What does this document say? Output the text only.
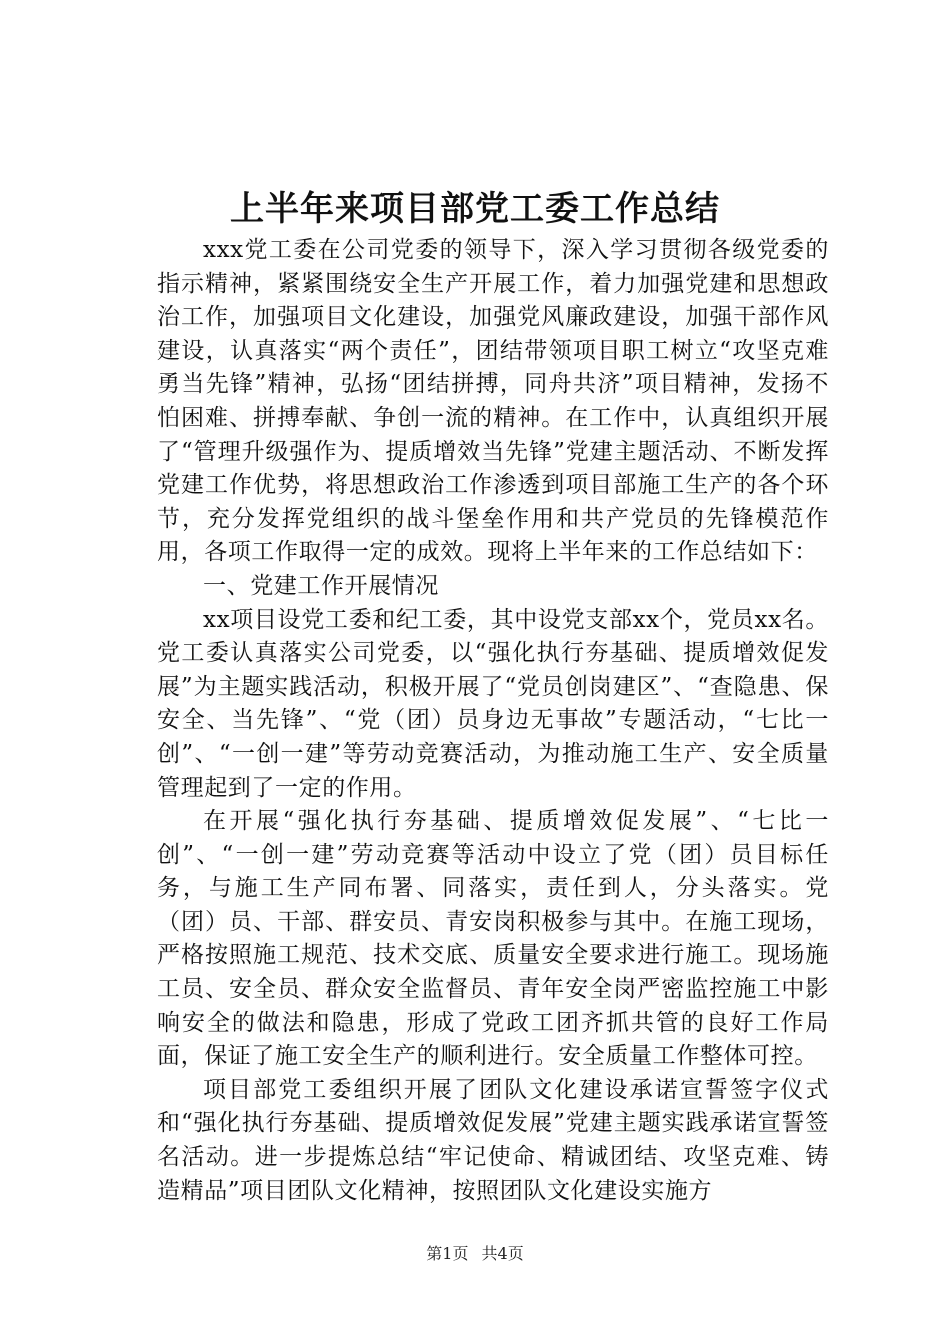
上半年来项目部党工委工作总结

xxx党工委在公司党委的领导下，深入学习贯彻各级党委的指示精神，紧紧围绕安全生产开展工作，着力加强党建和思想政治工作，加强项目文化建设，加强党风廉政建设，加强干部作风建设，认真落实“两个责任”，团结带领项目职工树立“攻坚克难勇当先锋”精神，弘扬“团结拼搏，同舟共济”项目精神，发扬不怕困难、拼搏奉献、争创一流的精神。在工作中，认真组织开展了“管理升级强作为、提质增效当先锋”党建主题活动、不断发挥党建工作优势，将思想政治工作渗透到项目部施工生产的各个环节，充分发挥党组织的战斗堡垒作用和共产党员的先锋模范作用，各项工作取得一定的成效。现将上半年来的工作总结如下：

一、党建工作开展情况

xx项目设党工委和纪工委，其中设党支部xx个，党员xx名。党工委认真落实公司党委，以“强化执行夯基础、提质增效促发展”为主题实践活动，积极开展了“党员创岗建区”、“查隐患、保安全、当先锋”、“党（团）员身边无事故”专题活动，“七比一创”、“一创一建”等劳动竞赛活动，为推动施工生产、安全质量管理起到了一定的作用。

在开展“强化执行夯基础、提质增效促发展”、“七比一创”、“一创一建”劳动竞赛等活动中设立了党（团）员目标任务，与施工生产同布署、同落实，责任到人，分头落实。党（团）员、干部、群安员、青安岗积极参与其中。在施工现场，严格按照施工规范、技术交底、质量安全要求进行施工。现场施工员、安全员、群众安全监督员、青年安全岗严密监控施工中影响安全的做法和隐患，形成了党政工团齐抓共管的良好工作局面，保证了施工安全生产的顺利进行。安全质量工作整体可控。

项目部党工委组织开展了团队文化建设承诺宣誓签字仪式和“强化执行夯基础、提质增效促发展”党建主题实践承诺宣誓签名活动。进一步提炼总结“牢记使命、精诚团结、攻坚克难、铸造精品”项目团队文化精神，按照团队文化建设实施方

第1页 共4页
